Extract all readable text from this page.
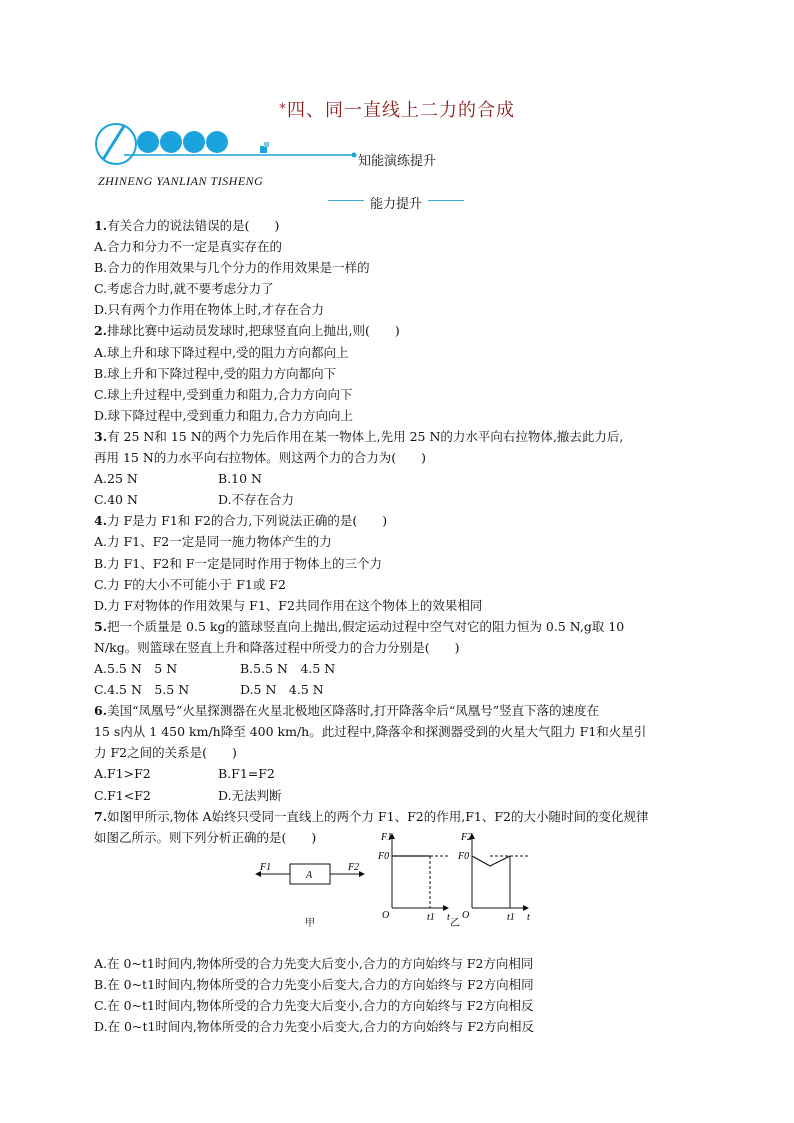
*四、同一直线上二力的合成
知能演练提升
ZHINENG YANLIAN TISHENG
能力提升
1.有关合力的说法错误的是(　　)
A.合力和分力不一定是真实存在的
B.合力的作用效果与几个分力的作用效果是一样的
C.考虑合力时,就不要考虑分力了
D.只有两个力作用在物体上时,才存在合力
2.排球比赛中运动员发球时,把球竖直向上抛出,则(　　)
A.球上升和球下降过程中,受的阻力方向都向上
B.球上升和下降过程中,受的阻力方向都向下
C.球上升过程中,受到重力和阻力,合力方向向下
D.球下降过程中,受到重力和阻力,合力方向向上
3.有 25 N和 15 N的两个力先后作用在某一物体上,先用 25 N的力水平向右拉物体,撤去此力后,
再用 15 N的力水平向右拉物体。则这两个力的合力为(　　)
A.25 N	B.10 N
C.40 N	D.不存在合力
4.力 F是力 F1和 F2的合力,下列说法正确的是(　　)
A.力 F1、F2一定是同一施力物体产生的力
B.力 F1、F2和 F一定是同时作用于物体上的三个力
C.力 F的大小不可能小于 F1或 F2
D.力 F对物体的作用效果与 F1、F2共同作用在这个物体上的效果相同
5.把一个质量是 0.5 kg的篮球竖直向上抛出,假定运动过程中空气对它的阻力恒为 0.5 N,g取 10
N/kg。则篮球在竖直上升和降落过程中所受力的合力分别是(　　)
A.5.5 N　5 N	B.5.5 N　4.5 N
C.4.5 N　5.5 N	D.5 N　4.5 N
6.美国“凤凰号”火星探测器在火星北极地区降落时,打开降落伞后“凤凰号”竖直下落的速度在
15 s内从 1 450 km/h降至 400 km/h。此过程中,降落伞和探测器受到的火星大气阻力 F1和火星引
力 F2之间的关系是(　　)
A.F1>F2	B.F1=F2
C.F1<F2	D.无法判断
7.如图甲所示,物体 A始终只受同一直线上的两个力 F1、F2的作用,F1、F2的大小随时间的变化规律
如图乙所示。则下列分析正确的是(　　)
A.在 0~t1时间内,物体所受的合力先变大后变小,合力的方向始终与 F2方向相同
B.在 0~t1时间内,物体所受的合力先变小后变大,合力的方向始终与 F2方向相同
C.在 0~t1时间内,物体所受的合力先变大后变小,合力的方向始终与 F2方向相反
D.在 0~t1时间内,物体所受的合力先变小后变大,合力的方向始终与 F2方向相反
A
F1	F2
甲
F1
F0
O	t1 t
F2
F0
O	t1 t
乙
